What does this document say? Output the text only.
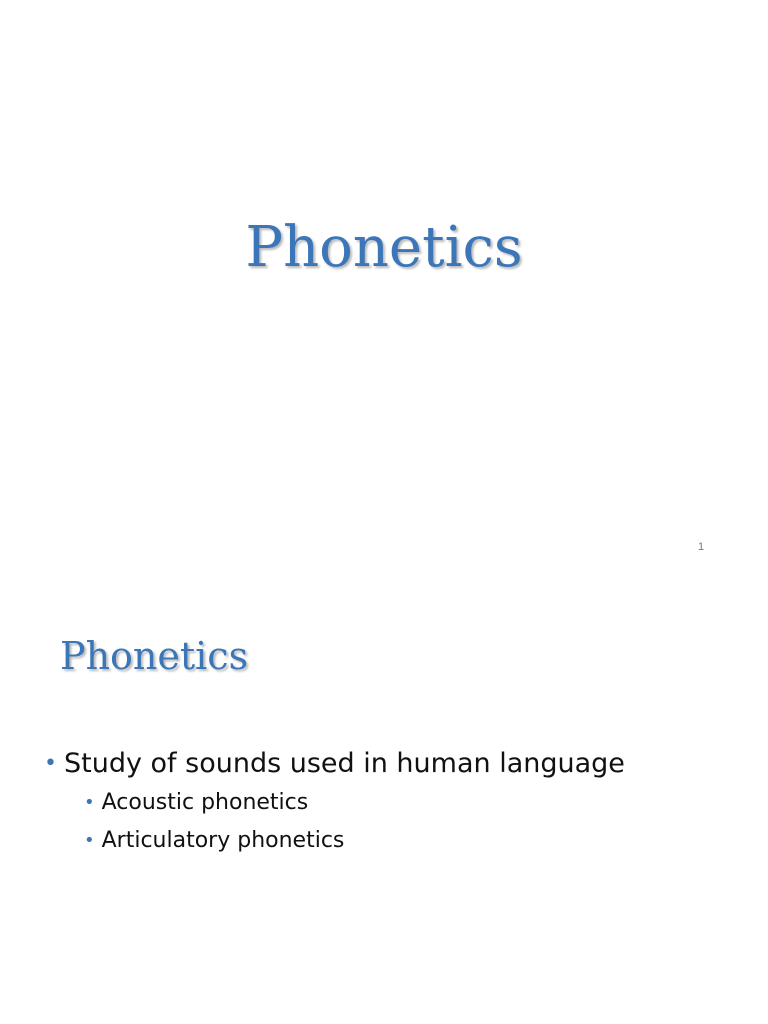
Phonetics
1
Phonetics
• Study of sounds used in human language
• Acoustic phonetics
• Articulatory phonetics
